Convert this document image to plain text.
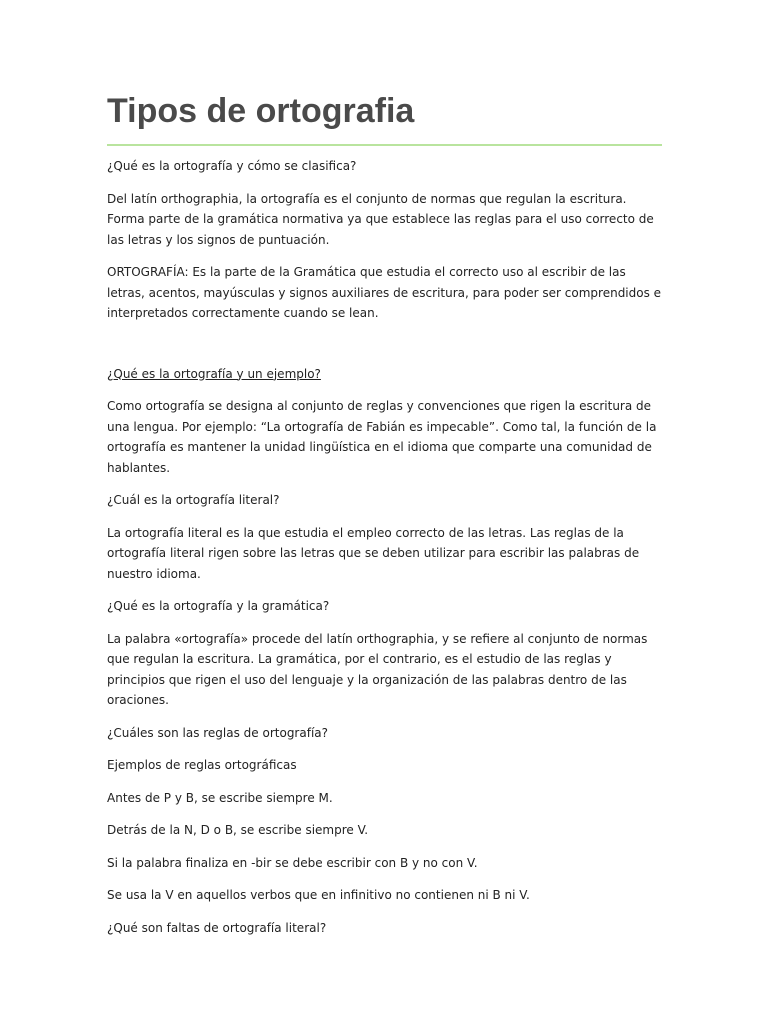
Tipos de ortografia

¿Qué es la ortografía y cómo se clasifica?

Del latín orthographia, la ortografía es el conjunto de normas que regulan la escritura. Forma parte de la gramática normativa ya que establece las reglas para el uso correcto de las letras y los signos de puntuación.

ORTOGRAFÍA: Es la parte de la Gramática que estudia el correcto uso al escribir de las letras, acentos, mayúsculas y signos auxiliares de escritura, para poder ser comprendidos e interpretados correctamente cuando se lean.

¿Qué es la ortografía y un ejemplo?

Como ortografía se designa al conjunto de reglas y convenciones que rigen la escritura de una lengua. Por ejemplo: “La ortografía de Fabián es impecable”. Como tal, la función de la ortografía es mantener la unidad lingüística en el idioma que comparte una comunidad de hablantes.

¿Cuál es la ortografía literal?

La ortografía literal es la que estudia el empleo correcto de las letras. Las reglas de la ortografía literal rigen sobre las letras que se deben utilizar para escribir las palabras de nuestro idioma.

¿Qué es la ortografía y la gramática?

La palabra «ortografía» procede del latín orthographia, y se refiere al conjunto de normas que regulan la escritura. La gramática, por el contrario, es el estudio de las reglas y principios que rigen el uso del lenguaje y la organización de las palabras dentro de las oraciones.

¿Cuáles son las reglas de ortografía?

Ejemplos de reglas ortográficas

Antes de P y B, se escribe siempre M.

Detrás de la N, D o B, se escribe siempre V.

Si la palabra finaliza en -bir se debe escribir con B y no con V.

Se usa la V en aquellos verbos que en infinitivo no contienen ni B ni V.

¿Qué son faltas de ortografía literal?
